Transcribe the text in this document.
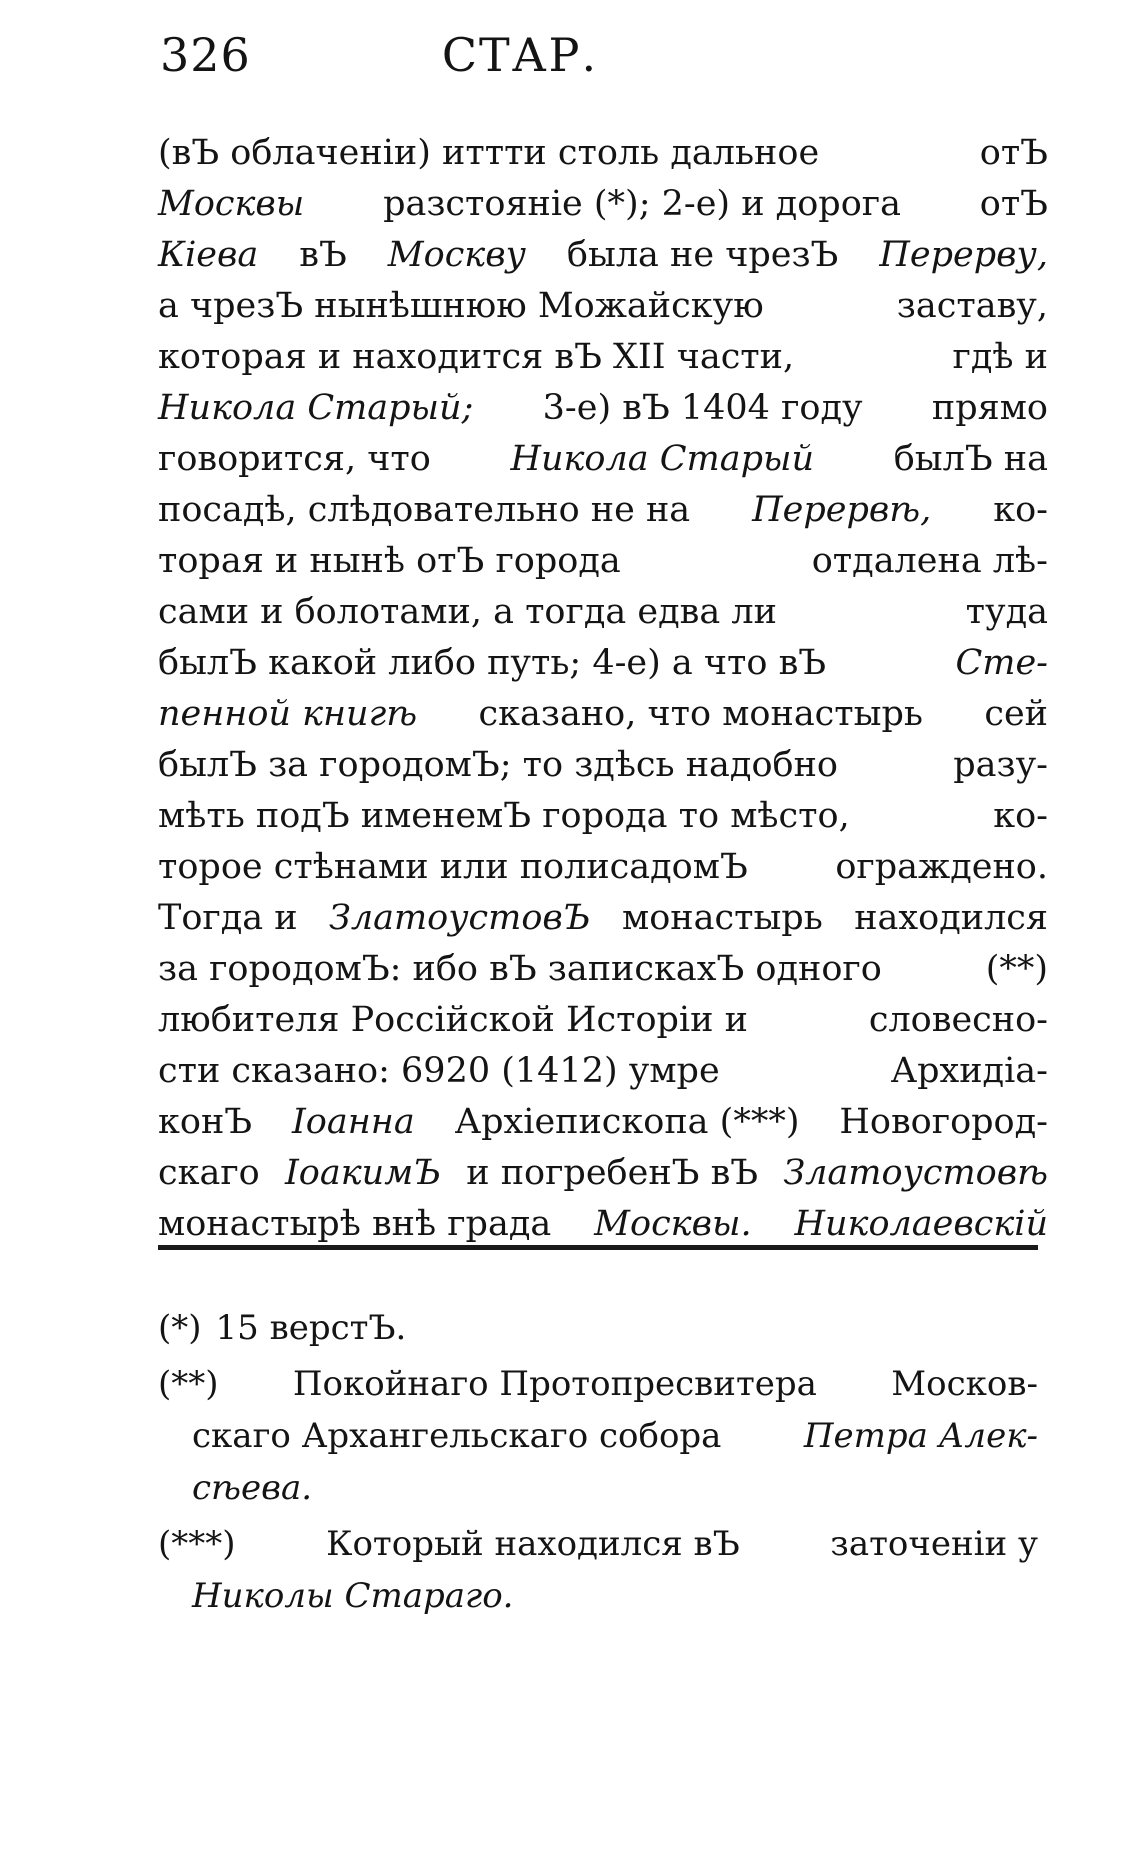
326	СТАР.
(вЪ облаченіи) иттти столь дальное	отЪ
Москвы разстояніе (*); 2-е) и дорога отЪ
Кіева вЪ Москву была не чрезЪ Перерву,
а чрезЪ нынѣшнюю Можайскую	заставу,
которая и находится вЪ XII части,	гдѣ и
Никола Старый; 3-е) вЪ 1404 году прямо
говорится, что Никола Старый былЪ на
посадѣ, слѣдовательно не на Перервѣ, ко-
торая и нынѣ отЪ города	отдалена лѣ-
сами и болотами, а тогда едва ли	туда
былЪ какой либо путь; 4-е) а что вЪ	Сте-
пенной книгѣ сказано, что монастырь сей
былЪ за городомЪ; то здѣсь надобно	разу-
мѣть подЪ именемЪ города то мѣсто,	ко-
торое стѣнами или полисадомЪ	ограждено.
Тогда и ЗлатоустовЪ монастырь находился
за городомЪ: ибо вЪ запискахЪ одного	(**)
любителя Россійской Исторіи и	словесно-
сти сказано: 6920 (1412) умре	Архидіа-
конЪ Іоанна Архіепископа (***) Новогород-
скаго ІоакимЪ и погребенЪ вЪ Златоустовѣ
монастырѣ внѣ града Москвы. Николаевскій
(*) 15 верстЪ.
(**) Покойнаго Протопресвитера Москов-
скаго Архангельскаго собора Петра Алек-
сѣева.
(***)	Который находился вЪ	заточеніи у
Николы Стараго.
